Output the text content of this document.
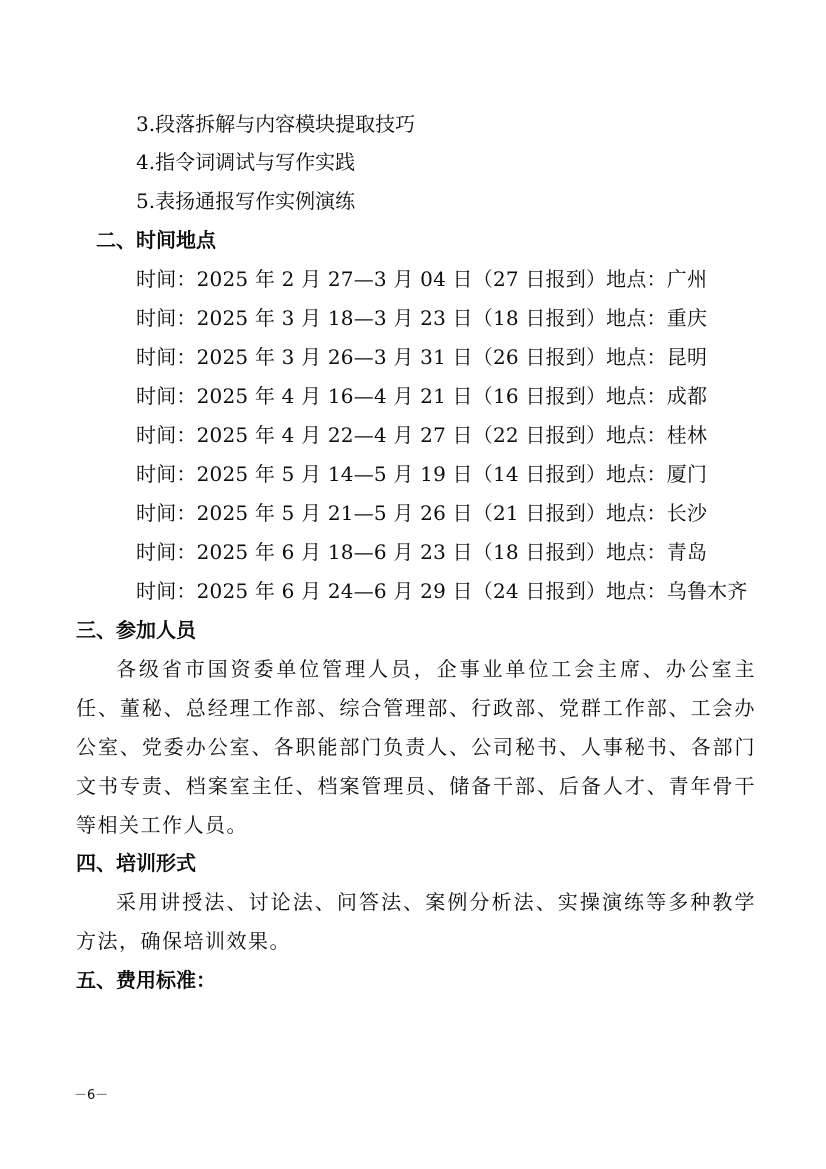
3.段落拆解与内容模块提取技巧
4.指令词调试与写作实践
5.表扬通报写作实例演练
二、时间地点
时间：2025 年 2 月 27—3 月 04 日（27 日报到）地点：广州
时间：2025 年 3 月 18—3 月 23 日（18 日报到）地点：重庆
时间：2025 年 3 月 26—3 月 31 日（26 日报到）地点：昆明
时间：2025 年 4 月 16—4 月 21 日（16 日报到）地点：成都
时间：2025 年 4 月 22—4 月 27 日（22 日报到）地点：桂林
时间：2025 年 5 月 14—5 月 19 日（14 日报到）地点：厦门
时间：2025 年 5 月 21—5 月 26 日（21 日报到）地点：长沙
时间：2025 年 6 月 18—6 月 23 日（18 日报到）地点：青岛
时间：2025 年 6 月 24—6 月 29 日（24 日报到）地点：乌鲁木齐
三、参加人员
各级省市国资委单位管理人员，企事业单位工会主席、办公室主任、董秘、总经理工作部、综合管理部、行政部、党群工作部、工会办公室、党委办公室、各职能部门负责人、公司秘书、人事秘书、各部门文书专责、档案室主任、档案管理员、储备干部、后备人才、青年骨干等相关工作人员。
四、培训形式
采用讲授法、讨论法、问答法、案例分析法、实操演练等多种教学方法，确保培训效果。
五、费用标准：
－6－
